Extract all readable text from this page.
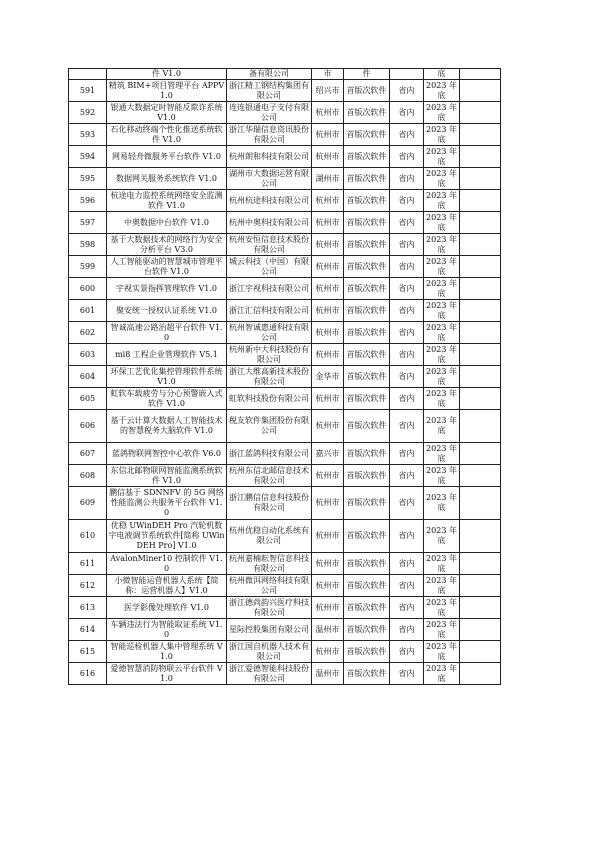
	件 V1.0	备有限公司	市	件		底	
591	精筑 BIM+项目管理平台 APPV1.0	浙江精工钢结构集团有限公司	绍兴市	首版次软件	省内	2023 年底	
592	银通大数据定时智能反欺诈系统 V1.0	连连银通电子支付有限公司	杭州市	首版次软件	省内	2023 年底	
593	石化移动终端个性化推送系统软件 V1.0	浙江华瑞信息资讯股份有限公司	杭州市	首版次软件	省内	2023 年底	
594	网易轻舟微服务平台软件 V1.0	杭州朗和科技有限公司	杭州市	首版次软件	省内	2023 年底	
595	数据网关服务系统软件 V1.0	湖州市大数据运营有限公司	湖州市	首版次软件	省内	2023 年底	
596	杭途电力监控系统网络安全监测软件 V1.0	杭州杭途科技有限公司	杭州市	首版次软件	省内	2023 年底	
597	中奥数据中台软件 V1.0	杭州中奥科技有限公司	杭州市	首版次软件	省内	2023 年底	
598	基于大数据技术的网络行为安全分析平台 V3.0	杭州安恒信息技术股份有限公司	杭州市	首版次软件	省内	2023 年底	
599	人工智能驱动的智慧城市管理平台软件 V1.0	城云科技（中国）有限公司	杭州市	首版次软件	省内	2023 年底	
600	宇视实景指挥管理软件 V1.0	浙江宇视科技有限公司	杭州市	首版次软件	省内	2023 年底	
601	聚安统一授权认证系统 V1.0	浙江汇信科技有限公司	杭州市	首版次软件	省内	2023 年底	
602	智诚高速公路治超平台软件 V1.0	杭州智诚惠通科技有限公司	杭州市	首版次软件	省内	2023 年底	
603	mi8 工程企业管理软件 V5.1	杭州新中大科技股份有限公司	杭州市	首版次软件	省内	2023 年底	
604	环保工艺优化集控管理软件系统 V1.0	浙江大维高新技术股份有限公司	金华市	首版次软件	省内	2023 年底	
605	虹软车载疲劳与分心预警嵌入式软件 V1.0	虹软科技股份有限公司	杭州市	首版次软件	省内	2023 年底	
606	基于云计算大数据人工智能技术的智慧税务大脑软件 V1.0	税友软件集团股份有限公司	杭州市	首版次软件	省内	2023 年底	
607	蓝鸽物联网智控中心软件 V6.0	浙江蓝鸽科技有限公司	嘉兴市	首版次软件	省内	2023 年底	
608	东信北邮物联网智能监测系统软件 V1.0	杭州东信北邮信息技术有限公司	杭州市	首版次软件	省内	2023 年底	
609	鹏信基于 SDNNFV 的 5G 网络性能监测公共服务平台软件 V1.0	浙江鹏信信息科技股份有限公司	杭州市	首版次软件	省内	2023 年底	
610	优稳 UWinDEH Pro 汽轮机数字电液调节系统软件[简称 UWinDEH Pro] V1.0	杭州优稳自动化系统有限公司	杭州市	首版次软件	省内	2023 年底	
611	AvalonMiner10 控制软件 V1.0	杭州嘉楠耘智信息科技有限公司	杭州市	首版次软件	省内	2023 年底	
612	小微智能运营机器人系统【简称：运营机器人】V1.0	杭州微洱网络科技有限公司	杭州市	首版次软件	省内	2023 年底	
613	医学影像处理软件 V1.0	浙江德尚韵兴医疗科技有限公司	杭州市	首版次软件	省内	2023 年底	
614	车辆违法行为智能取证系统 V1.0	星际控股集团有限公司	温州市	首版次软件	省内	2023 年底	
615	智能巡检机器人集中管理系统 V1.0	浙江国自机器人技术有限公司	杭州市	首版次软件	省内	2023 年底	
616	爱德智慧消防物联云平台软件 V1.0	浙江爱德智能科技股份有限公司	温州市	首版次软件	省内	2023 年底	
